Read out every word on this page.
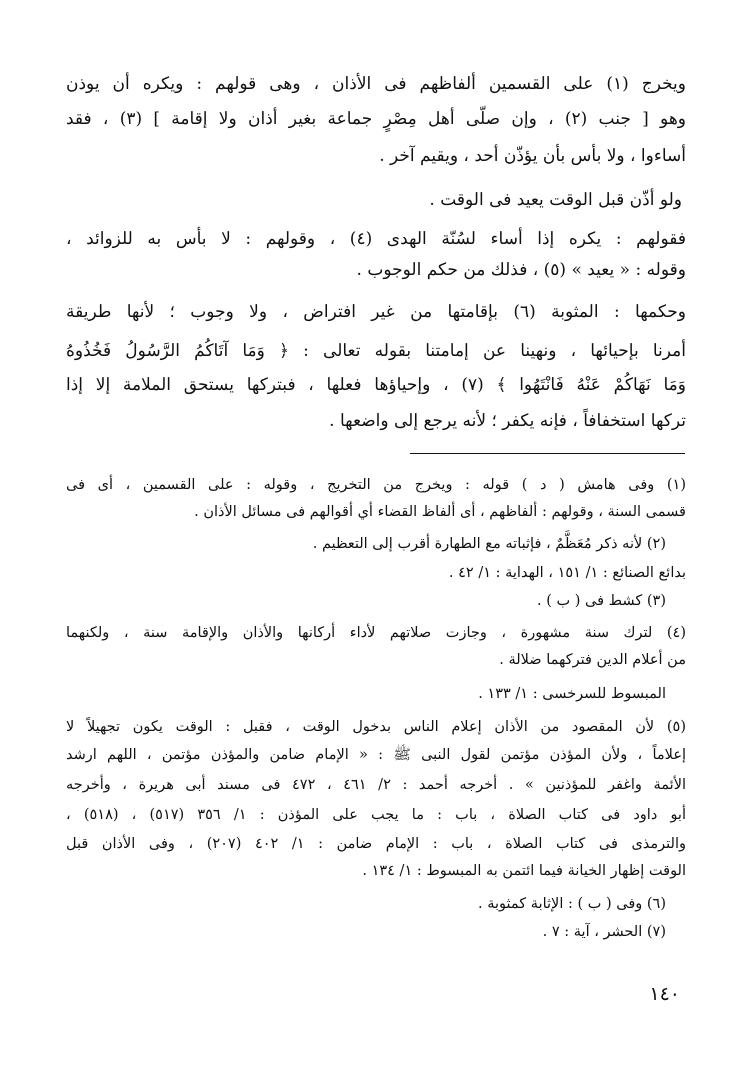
ويخرج (١) على القسمين ألفاظهم فى الأذان ، وهى قولهم : ويكره أن يوذن
وهو [ جنب (٢) ، وإن صلّى أهل مِصْرٍ جماعة بغير أذان ولا إقامة ] (٣) ، فقد
أساءوا ، ولا بأس بأن يؤذّن أحد ، ويقيم آخر .
ولو أذّن قبل الوقت يعيد فى الوقت .
فقولهم : يكره إذا أساء لسُنّة الهدى (٤) ، وقولهم : لا بأس به للزوائد ،
وقوله : « يعيد » (٥) ، فذلك من حكم الوجوب .
وحكمها : المثوبة (٦) بإقامتها من غير افتراض ، ولا وجوب ؛ لأنها طريقة
أمرنا بإحيائها ، ونهينا عن إمامتنا بقوله تعالى : ﴿ وَمَا آتَاكُمُ الرَّسُولُ فَخُذُوهُ
وَمَا نَهَاكُمْ عَنْهُ فَانْتَهُوا ﴾ (٧) ، وإحياؤها فعلها ، فبتركها يستحق الملامة إلا إذا
تركها استخفافاً ، فإنه يكفر ؛ لأنه يرجع إلى واضعها .
(١) وفى هامش ( د ) قوله : ويخرج من التخريج ، وقوله : على القسمين ، أى فى
قسمى السنة ، وقولهم : ألفاظهم ، أى ألفاظ القضاء أي أقوالهم فى مسائل الأذان .
(٢) لأنه ذكر مُعَظَّمٌ ، فإثباته مع الطهارة أقرب إلى التعظيم .
بدائع الصنائع : ١/ ١٥١ ، الهداية : ١/ ٤٢ .
(٣) كشط فى ( ب ) .
(٤) لترك سنة مشهورة ، وجازت صلاتهم لأداء أركانها والأذان والإقامة سنة ، ولكنهما
من أعلام الدين فتركهما ضلالة .
المبسوط للسرخسى : ١/ ١٣٣ .
(٥) لأن المقصود من الأذان إعلام الناس بدخول الوقت ، فقبل : الوقت يكون تجهيلاً لا
إعلاماً ، ولأن المؤذن مؤتمن لقول النبى ﷺ : « الإمام ضامن والمؤذن مؤتمن ، اللهم ارشد
الأئمة واغفر للمؤذنين » . أخرجه أحمد : ٢/ ٤٦١ ، ٤٧٢ فى مسند أبى هريرة ، وأخرجه
أبو داود فى كتاب الصلاة ، باب : ما يجب على المؤذن : ١/ ٣٥٦ (٥١٧) ، (٥١٨) ،
والترمذى فى كتاب الصلاة ، باب : الإمام ضامن : ١/ ٤٠٢ (٢٠٧) ، وفى الأذان قبل
الوقت إظهار الخيانة فيما ائتمن به المبسوط : ١/ ١٣٤ .
(٦) وفى ( ب ) : الإثابة كمثوبة .
(٧) الحشر ، آية : ٧ .
١٤٠
